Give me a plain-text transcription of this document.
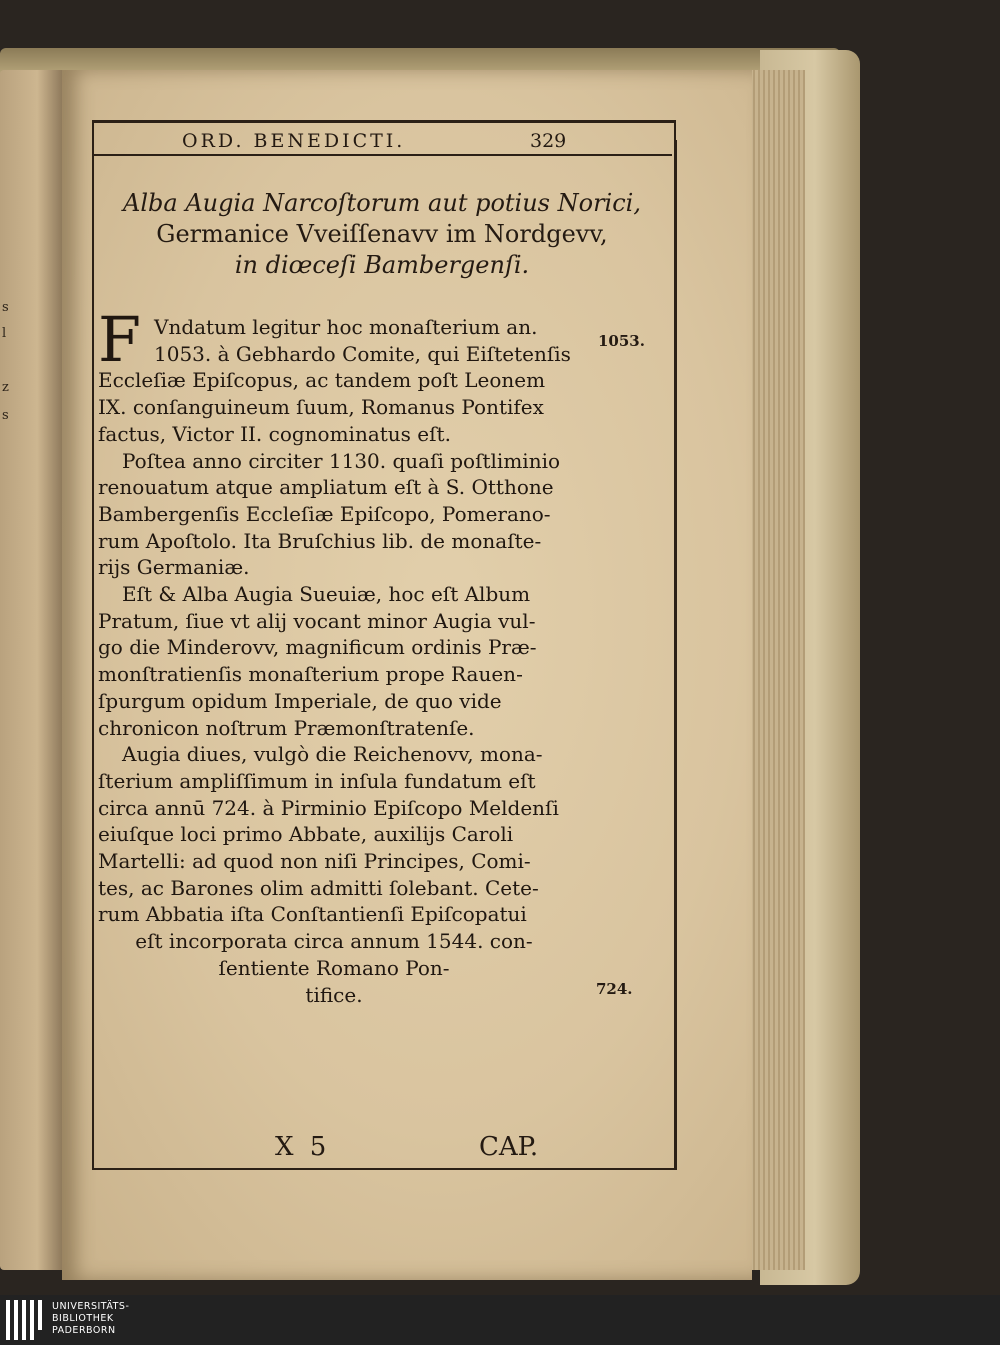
s
l
z
s
ORD. BENEDICTI.	329
Alba Augia Narcoſtorum aut potius Norici,
Germanice Vveiſſenavv im Nordgevv,
in diœceſi Bambergenſi.
F Vndatum legitur hoc monaſterium an.

1053. à Gebhardo Comite, qui Eiſtetenſis

Eccleſiæ Epiſcopus, ac tandem poſt Leonem

IX. conſanguineum ſuum, Romanus Pontifex

factus, Victor II. cognominatus eſt.

Poſtea anno circiter 1130. quaſi poſtliminio

renouatum atque ampliatum eſt à S. Otthone

Bambergenſis Eccleſiæ Epiſcopo, Pomerano-

rum Apoſtolo. Ita Bruſchius lib. de monaſte-

rijs Germaniæ.

Eſt & Alba Augia Sueuiæ, hoc eſt Album

Pratum, ſiue vt alij vocant minor Augia vul-

go die Minderovv, magnificum ordinis Præ-

monſtratienſis monaſterium prope Rauen-

ſpurgum opidum Imperiale, de quo vide

chronicon noſtrum Præmonſtratenſe.

Augia diues, vulgò die Reichenovv, mona-

ſterium ampliſſimum in inſula fundatum eſt

circa annū 724. à Pirminio Epiſcopo Meldenſi

eiuſque loci primo Abbate, auxilijs Caroli

Martelli: ad quod non niſi Principes, Comi-

tes, ac Barones olim admitti ſolebant. Cete-

rum Abbatia iſta Conſtantienſi Epiſcopatui

eſt incorporata circa annum 1544. con-

ſentiente Romano Pon-

tifice.

1053.
724.
X 5	CAP.
UNIVERSITÄTS-
BIBLIOTHEK
PADERBORN
